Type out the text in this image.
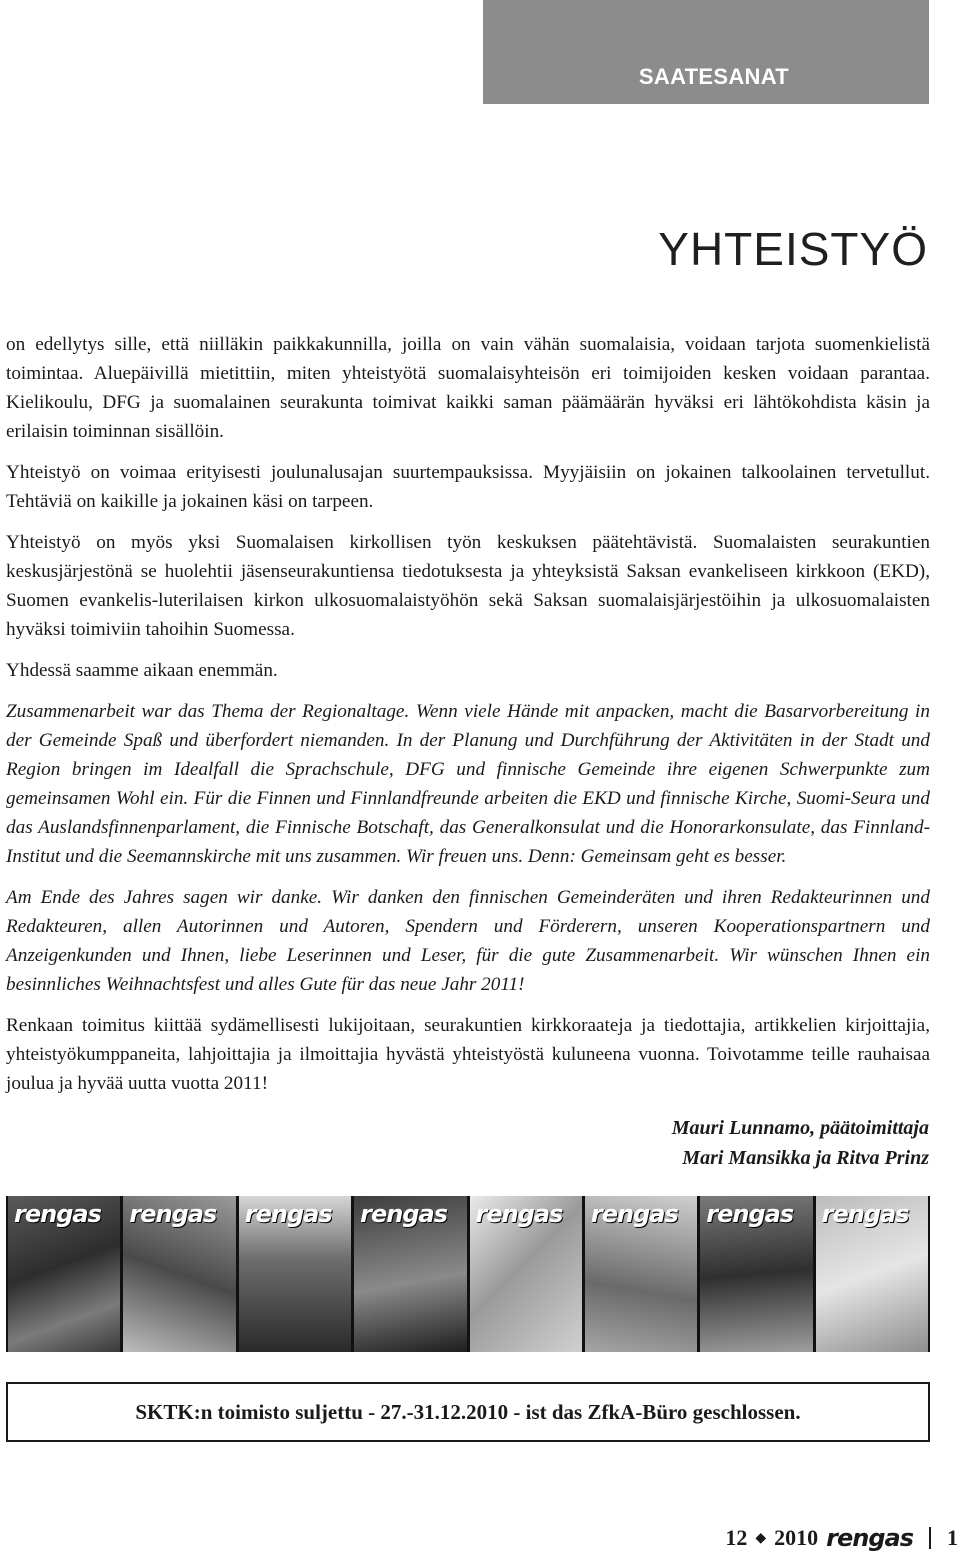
SAATESANAT
YHTEISTYÖ

on edellytys sille, että niilläkin paikkakunnilla, joilla on vain vähän suomalaisia, voidaan tarjota suomenkielistä toimintaa. Aluepäivillä mietittiin, miten yhteistyötä suomalaisyhteisön eri toimijoiden kesken voidaan parantaa. Kielikoulu, DFG ja suomalainen seurakunta toimivat kaikki saman päämäärän hyväksi eri lähtökohdista käsin ja erilaisin toiminnan sisällöin.

Yhteistyö on voimaa erityisesti joulunalusajan suurtempauksissa. Myyjäisiin on jokainen talkoolainen tervetullut. Tehtäviä on kaikille ja jokainen käsi on tarpeen.

Yhteistyö on myös yksi Suomalaisen kirkollisen työn keskuksen päätehtävistä. Suomalaisten seurakuntien keskusjärjestönä se huolehtii jäsenseurakuntiensa tiedotuksesta ja yhteyksistä Saksan evankeliseen kirkkoon (EKD), Suomen evankelis-luterilaisen kirkon ulkosuomalaistyöhön sekä Saksan suomalaisjärjestöihin ja ulkosuomalaisten hyväksi toimiviin tahoihin Suomessa.

Yhdessä saamme aikaan enemmän.

Zusammenarbeit war das Thema der Regionaltage. Wenn viele Hände mit anpacken, macht die Basarvorbereitung in der Gemeinde Spaß und überfordert niemanden. In der Planung und Durchführung der Aktivitäten in der Stadt und Region bringen im Idealfall die Sprachschule, DFG und finnische Gemeinde ihre eigenen Schwerpunkte zum gemeinsamen Wohl ein. Für die Finnen und Finnlandfreunde arbeiten die EKD und finnische Kirche, Suomi-Seura und das Auslandsfinnenparlament, die Finnische Botschaft, das Generalkonsulat und die Honorarkonsulate, das Finnland-Institut und die Seemannskirche mit uns zusammen. Wir freuen uns. Denn: Gemeinsam geht es besser.

Am Ende des Jahres sagen wir danke. Wir danken den finnischen Gemeinderäten und ihren Redakteurinnen und Redakteuren, allen Autorinnen und Autoren, Spendern und Förderern, unseren Kooperationspartnern und Anzeigenkunden und Ihnen, liebe Leserinnen und Leser, für die gute Zusammenarbeit. Wir wünschen Ihnen ein besinnliches Weihnachtsfest und alles Gute für das neue Jahr 2011!

Renkaan toimitus kiittää sydämellisesti lukijoitaan, seurakuntien kirkkoraateja ja tiedottajia, artikkelien kirjoittajia, yhteistyökumppaneita, lahjoittajia ja ilmoittajia hyvästä yhteistyöstä kuluneena vuonna. Toivotamme teille rauhaisaa joulua ja hyvää uutta vuotta 2011!

Mauri Lunnamo, päätoimittaja
Mari Mansikka ja Ritva Prinz
rengas rengas rengas rengas rengas rengas rengas rengas
SKTK:n toimisto suljettu - 27.-31.12.2010 - ist das ZfkA-Büro geschlossen.
12 ◆ 2010 rengas 1
